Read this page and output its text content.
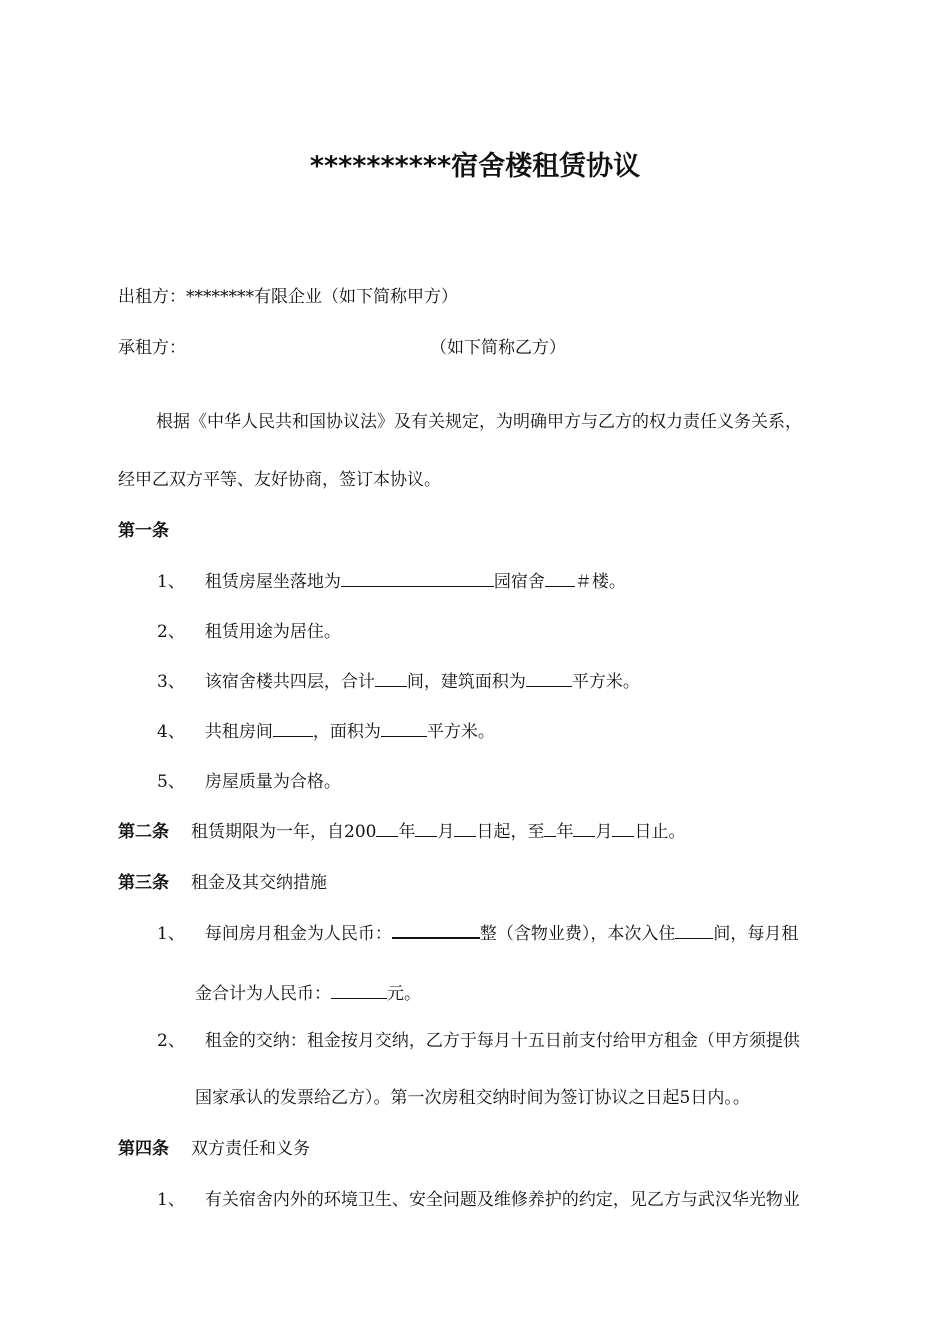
**********宿舍楼租赁协议
出租方：********有限企业（如下简称甲方）
承租方：	（如下简称乙方）
根据《中华人民共和国协议法》及有关规定，为明确甲方与乙方的权力责任义务关系，
经甲乙双方平等、友好协商，签订本协议。
第一条
1、 租赁房屋坐落地为	园宿舍 ＃楼。
2、 租赁用途为居住。
3、 该宿舍楼共四层，合计 间，建筑面积为	平方米。
4、 共租房间 ，面积为	平方米。
5、 房屋质量为合格。
第二条 租赁期限为一年，自200 年 月 日起，至 年 月 日止。
第三条 租金及其交纳措施
1、 每间房月租金为人民币：	整（含物业费），本次入住 间，每月租
金合计为人民币：	元。
2、 租金的交纳：租金按月交纳，乙方于每月十五日前支付给甲方租金（甲方须提供
国家承认的发票给乙方）。第一次房租交纳时间为签订协议之日起5日内。。
第四条 双方责任和义务
1、 有关宿舍内外的环境卫生、安全问题及维修养护的约定，见乙方与武汉华光物业
